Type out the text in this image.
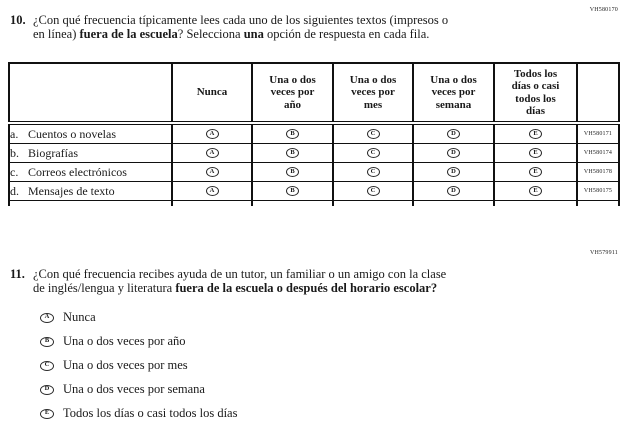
VH580170
10. ¿Con qué frecuencia típicamente lees cada uno de los siguientes textos (impresos o
en línea) fuera de la escuela? Selecciona una opción de respuesta en cada fila.

Nunca

Una o dos
veces por
año

Una o dos
veces por
mes

Una o dos
veces por
semana

Todos los
días o casi
todos los
días

a. Cuentos o novelas	A	B	C	D	E	VH580171
b. Biografías	A	B	C	D	E	VH580174
c. Correos electrónicos	A	B	C	D	E	VH580178
d. Mensajes de texto	A	B	C	D	E	VH580175

VH579911
11. ¿Con qué frecuencia recibes ayuda de un tutor, un familiar o un amigo con la clase
de inglés/lengua y literatura fuera de la escuela o después del horario escolar?
A	Nunca
B	Una o dos veces por año
C	Una o dos veces por mes
D	Una o dos veces por semana
E	Todos los días o casi todos los días
